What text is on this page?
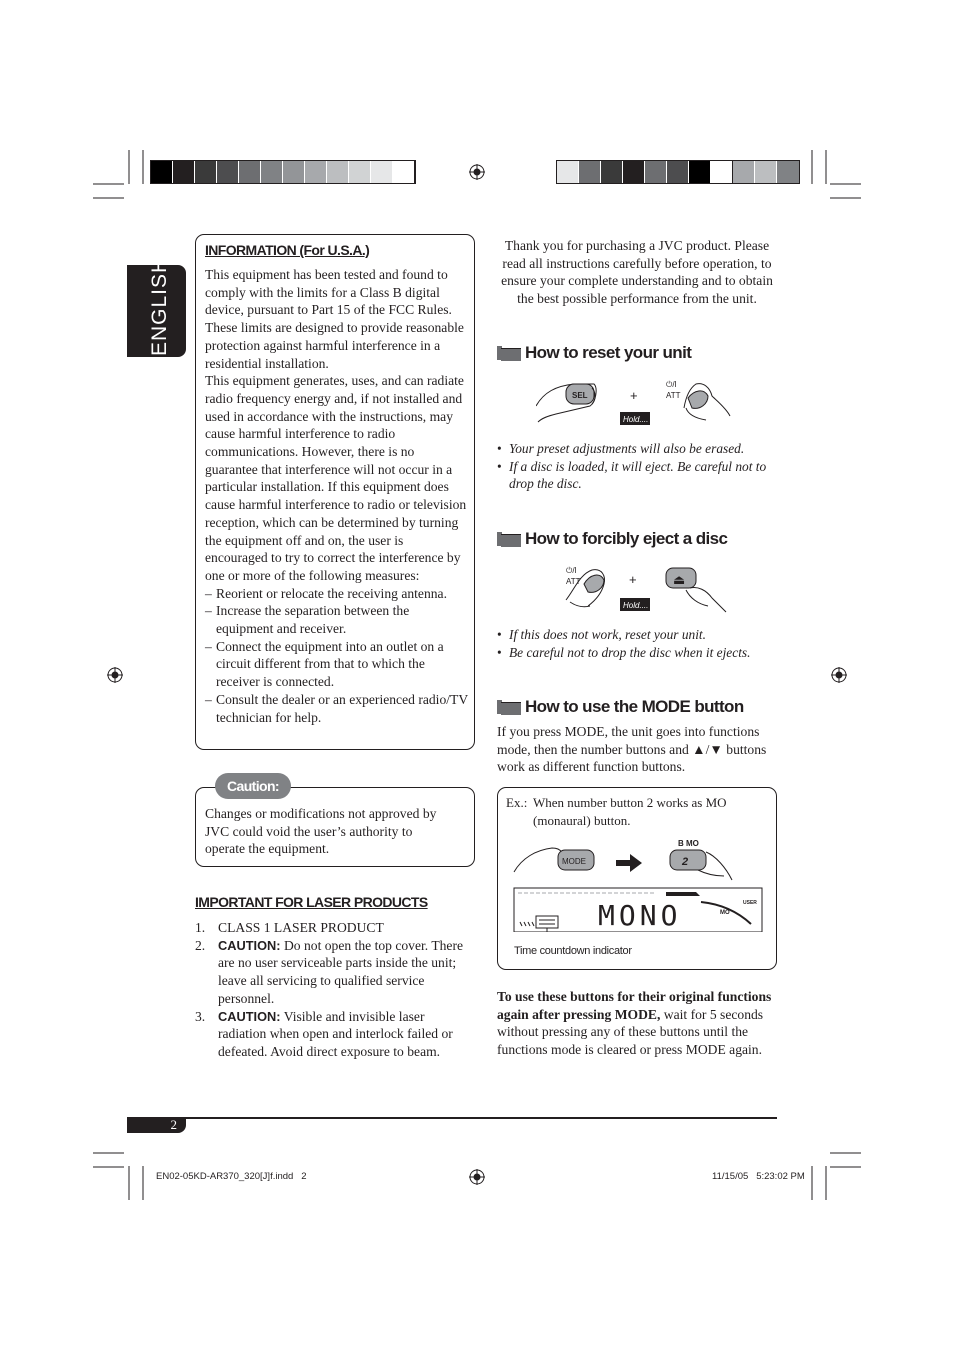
ENGLISH
INFORMATION (For U.S.A.)
This equipment has been tested and found to comply with the limits for a Class B digital device, pursuant to Part 15 of the FCC Rules. These limits are designed to provide reasonable protection against harmful interference in a residential installation.
This equipment generates, uses, and can radiate radio frequency energy and, if not installed and used in accordance with the instructions, may cause harmful interference to radio communications. However, there is no guarantee that interference will not occur in a particular installation. If this equipment does cause harmful interference to radio or television reception, which can be determined by turning the equipment off and on, the user is encouraged to try to correct the interference by one or more of the following measures:
– Reorient or relocate the receiving antenna.
– Increase the separation between the equipment and receiver.
– Connect the equipment into an outlet on a circuit different from that to which the receiver is connected.
– Consult the dealer or an experienced radio/TV technician for help.
Changes or modifications not approved by JVC could void the user’s authority to operate the equipment.
Caution:
IMPORTANT FOR LASER PRODUCTS
1. CLASS 1 LASER PRODUCT
2. CAUTION: Do not open the top cover. There are no user serviceable parts inside the unit; leave all servicing to qualified service personnel.
3. CAUTION: Visible and invisible laser radiation when open and interlock failed or defeated. Avoid direct exposure to beam.
Thank you for purchasing a JVC product. Please read all instructions carefully before operation, to ensure your complete understanding and to obtain the best possible performance from the unit.
How to reset your unit
SEL	+
⏻/I
ATT
Hold....
• Your preset adjustments will also be erased.
• If a disc is loaded, it will eject. Be careful not to drop the disc.
How to forcibly eject a disc
⏻/I
ATT	+	⏏
Hold....
• If this does not work, reset your unit.
• Be careful not to drop the disc when it ejects.
How to use the MODE button
If you press MODE, the unit goes into functions mode, then the number buttons and ▲/▼ buttons work as different function buttons.
Ex.: When number button 2 works as MO (monaural) button.
MODE
B MO
2
MONO	MO
USER
Time countdown indicator
To use these buttons for their original functions again after pressing MODE, wait for 5 seconds without pressing any of these buttons until the functions mode is cleared or press MODE again.
2
EN02-05KD-AR370_320[J]f.indd   2	11/15/05   5:23:02 PM
